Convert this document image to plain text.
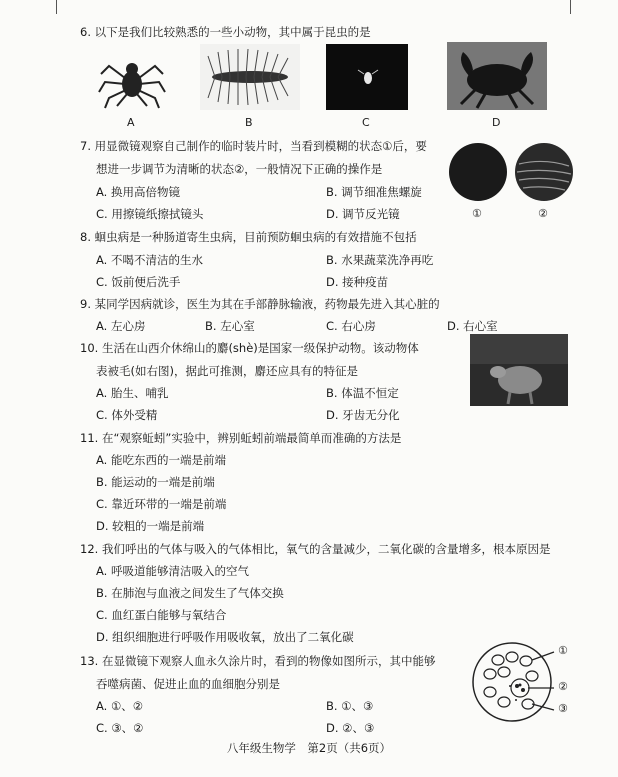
6. 以下是我们比较熟悉的一些小动物，其中属于昆虫的是
A	B	C	D
7. 用显微镜观察自己制作的临时装片时，当看到模糊的状态①后，要
想进一步调节为清晰的状态②，一般情况下正确的操作是
A. 换用高倍物镜	B. 调节细准焦螺旋
C. 用擦镜纸擦拭镜头	D. 调节反光镜	①	②
8. 蛔虫病是一种肠道寄生虫病，目前预防蛔虫病的有效措施不包括
A. 不喝不清洁的生水	B. 水果蔬菜洗净再吃
C. 饭前便后洗手	D. 接种疫苗
9. 某同学因病就诊，医生为其在手部静脉输液，药物最先进入其心脏的
A. 左心房	B. 左心室	C. 右心房	D. 右心室
10. 生活在山西介休绵山的麝(shè)是国家一级保护动物。该动物体
表被毛(如右图)，据此可推测，麝还应具有的特征是
A. 胎生、哺乳	B. 体温不恒定
C. 体外受精	D. 牙齿无分化
11. 在“观察蚯蚓”实验中，辨别蚯蚓前端最简单而准确的方法是
A. 能吃东西的一端是前端
B. 能运动的一端是前端
C. 靠近环带的一端是前端
D. 较粗的一端是前端
12. 我们呼出的气体与吸入的气体相比，氧气的含量减少，二氧化碳的含量增多，根本原因是
A. 呼吸道能够清洁吸入的空气
B. 在肺泡与血液之间发生了气体交换
C. 血红蛋白能够与氧结合
D. 组织细胞进行呼吸作用吸收氧，放出了二氧化碳
13. 在显微镜下观察人血永久涂片时，看到的物像如图所示，其中能够
吞噬病菌、促进止血的血细胞分别是
A. ①、②	B. ①、③
C. ③、②	D. ②、③
①
②
③
八年级生物学　第2页（共6页）
